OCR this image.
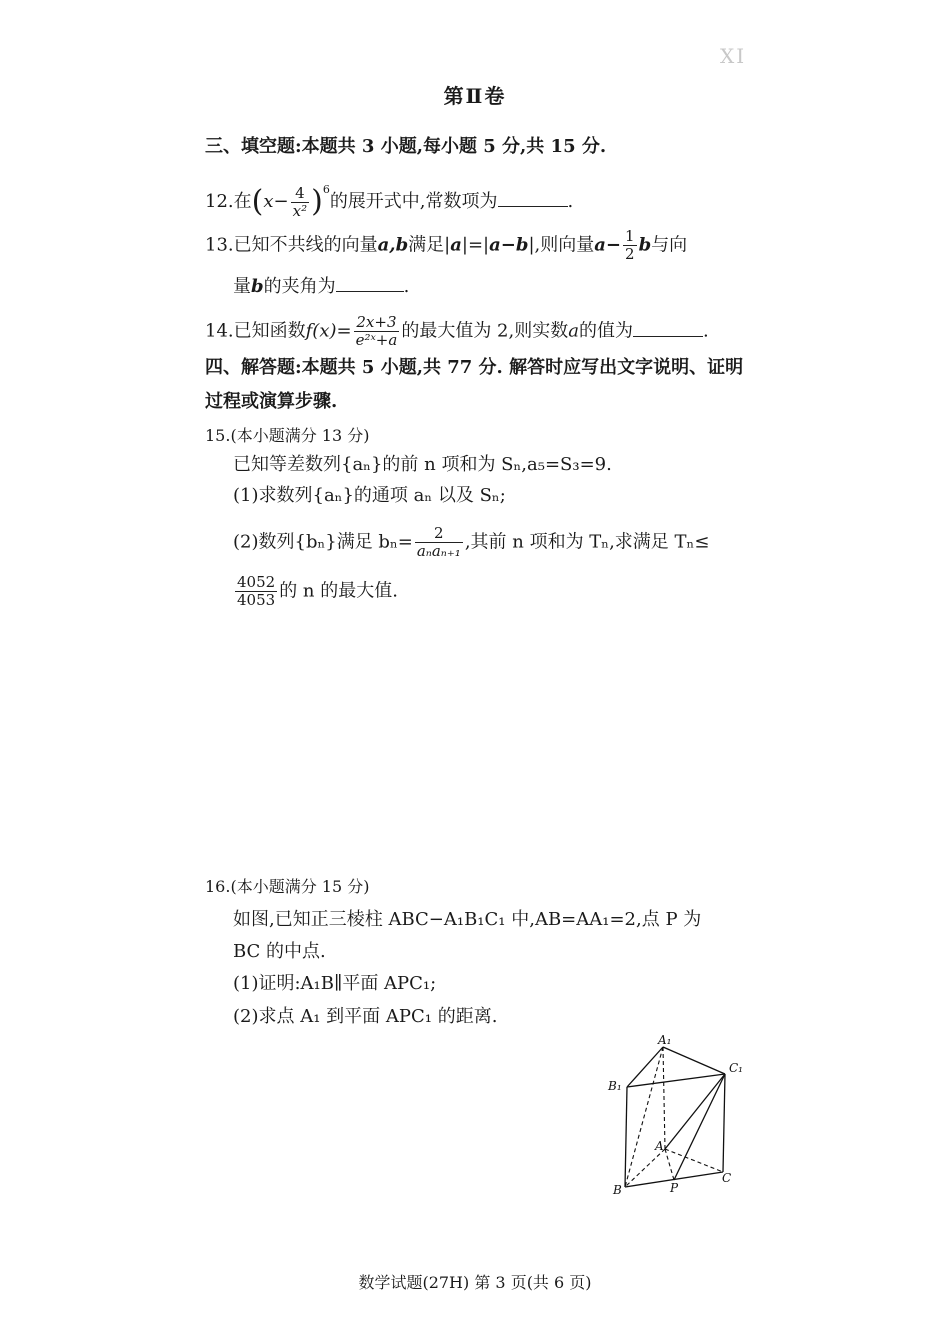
XI
第Ⅱ卷
三、填空题:本题共 3 小题,每小题 5 分,共 15 分.
12.在$(x- \frac{4}{\text{x²}} )^6$的展开式中,常数项为	.
13.已知不共线的向量a,b满足|a|=|a−b|,则向量$a- \frac{1}{2}$ b与向
量b的夹角为	.
14.已知函数$f(x)= \frac{2x+3}{\text{e²ˣ+a}}$ 的最大值为 2,则实数a的值为	.
四、解答题:本题共 5 小题,共 77 分. 解答时应写出文字说明、证明
过程或演算步骤.
15.(本小题满分 13 分)
已知等差数列{aₙ}的前 n 项和为 Sₙ,a₅=S₃=9.
(1)求数列{aₙ}的通项 aₙ 以及 Sₙ;
(2)数列{bₙ}满足 $b_n= \frac{2}{\text{aₙaₙ₊₁}}$ ,其前 n 项和为 Tₙ,求满足 Tₙ≤
$\frac{4052}{4053}$ 的 n 的最大值.
16.(本小题满分 15 分)
如图,已知正三棱柱 ABC−A₁B₁C₁ 中,AB=AA₁=2,点 P 为
BC 的中点.
(1)证明:A₁B∥平面 APC₁;
(2)求点 A₁ 到平面 APC₁ 的距离.
A₁
B₁
C₁
A
B
C
P
数学试题(27H) 第 3 页(共 6 页)
